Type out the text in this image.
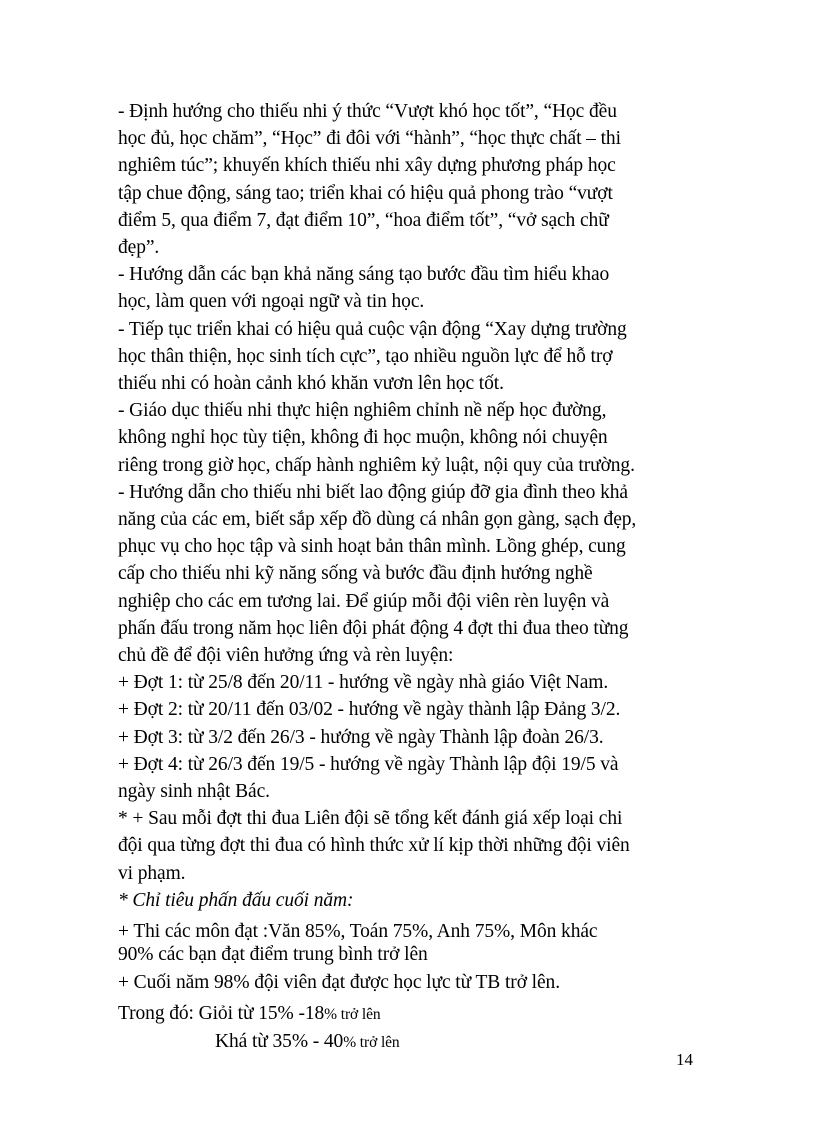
- Định hướng cho thiếu nhi ý thức “Vượt khó học tốt”, “Học đều
học đủ, học chăm”, “Học” đi đôi với “hành”, “học thực chất – thi
nghiêm túc”; khuyến khích thiếu nhi xây dựng phương pháp học
tập chue động, sáng tao; triển khai có hiệu quả phong trào “vượt
điểm 5, qua điểm 7, đạt điểm 10”, “hoa điểm tốt”, “vở sạch chữ
đẹp”.
- Hướng dẫn các bạn khả năng sáng tạo bước đầu tìm hiểu khao
học, làm quen với ngoại ngữ và tin học.
- Tiếp tục triển khai có hiệu quả cuộc vận động “Xay dựng trường
học thân thiện, học sinh tích cực”, tạo nhiều nguồn lực để hỗ trợ
thiếu nhi có hoàn cảnh khó khăn vươn lên học tốt.
- Giáo dục thiếu nhi thực hiện nghiêm chỉnh nề nếp học đường,
không nghỉ học tùy tiện, không đi học muộn, không nói chuyện
riêng trong giờ học, chấp hành nghiêm kỷ luật, nội quy của trường.
- Hướng dẫn cho thiếu nhi biết lao động giúp đỡ gia đình theo khả
năng của các em, biết sắp xếp đồ dùng cá nhân gọn gàng, sạch đẹp,
phục vụ cho học tập và sinh hoạt bản thân mình. Lồng ghép, cung
cấp cho thiếu nhi kỹ năng sống và bước đầu định hướng nghề
nghiệp cho các em tương lai. Để giúp mỗi đội viên rèn luyện và
phấn đấu trong năm học liên đội phát động 4 đợt thi đua theo từng
chủ đề để đội viên hưởng ứng và rèn luyện:
+ Đợt 1: từ 25/8 đến 20/11 - hướng về ngày nhà giáo Việt Nam.
+ Đợt 2: từ 20/11 đến 03/02 - hướng về ngày thành lập Đảng 3/2.
+ Đợt 3: từ 3/2 đến 26/3 - hướng về ngày Thành lập đoàn 26/3.
+ Đợt 4: từ 26/3 đến 19/5 - hướng về ngày Thành lập đội 19/5 và
ngày sinh nhật Bác.
* + Sau mỗi đợt thi đua Liên đội sẽ tổng kết đánh giá xếp loại chi
đội qua từng đợt thi đua có hình thức xử lí kịp thời những đội viên
vi phạm.
* Chỉ tiêu phấn đấu cuối năm:
+ Thi các môn đạt :Văn 85%, Toán 75%, Anh 75%, Môn khác
90% các bạn đạt điểm trung bình trở lên
+ Cuối năm 98% đội viên đạt được học lực từ TB trở lên.
Trong đó: Giỏi từ 15% -18% trở lên
Khá từ 35% - 40% trở lên
14
